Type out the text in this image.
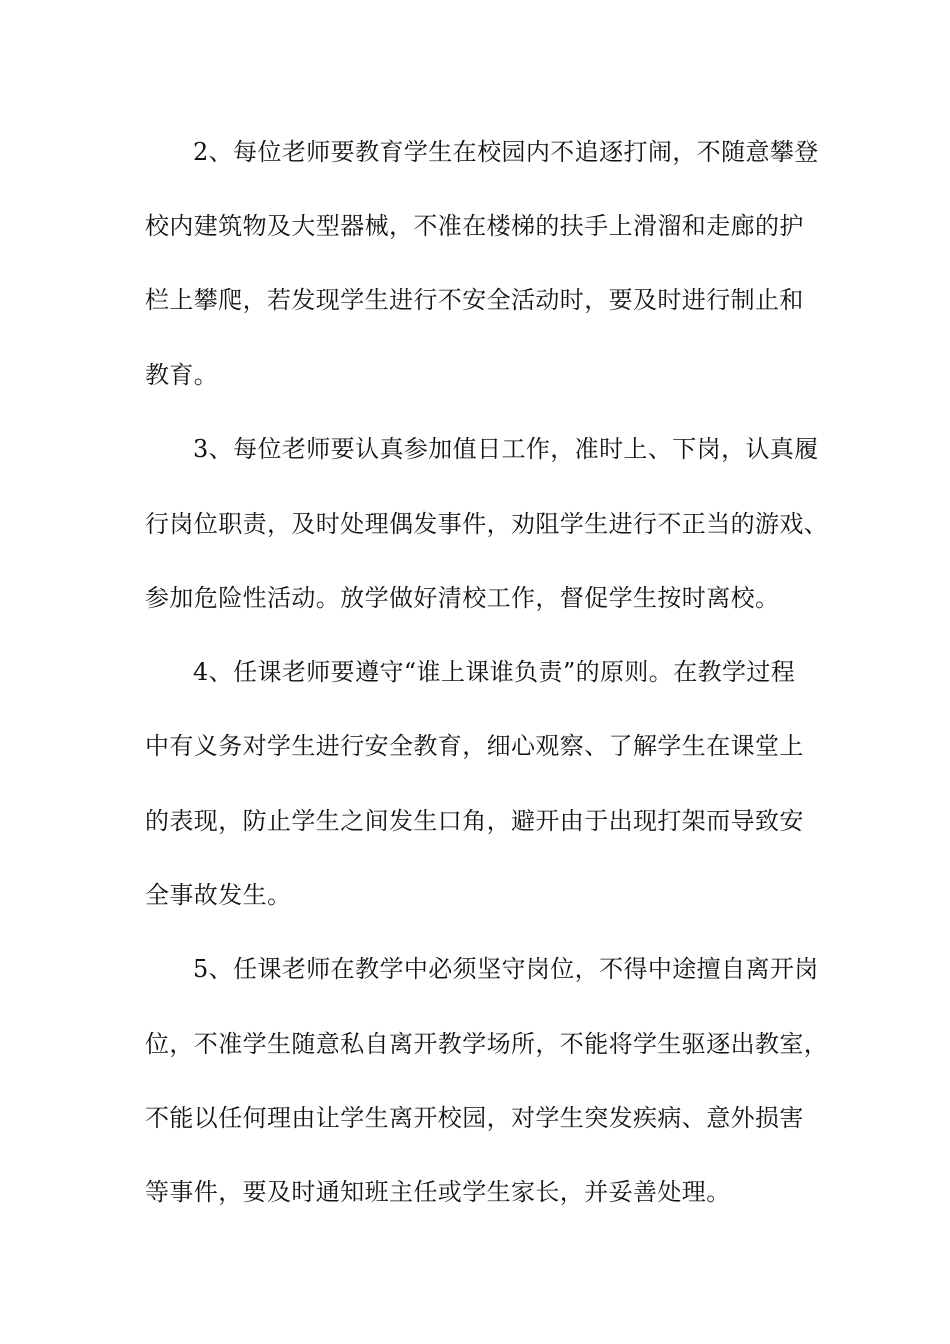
2、每位老师要教育学生在校园内不追逐打闹，不随意攀登
校内建筑物及大型器械，不准在楼梯的扶手上滑溜和走廊的护
栏上攀爬，若发现学生进行不安全活动时，要及时进行制止和
教育。
3、每位老师要认真参加值日工作，准时上、下岗，认真履
行岗位职责，及时处理偶发事件，劝阻学生进行不正当的游戏、
参加危险性活动。放学做好清校工作，督促学生按时离校。
4、任课老师要遵守“谁上课谁负责”的原则。在教学过程
中有义务对学生进行安全教育，细心观察、了解学生在课堂上
的表现，防止学生之间发生口角，避开由于出现打架而导致安
全事故发生。
5、任课老师在教学中必须坚守岗位，不得中途擅自离开岗
位，不准学生随意私自离开教学场所，不能将学生驱逐出教室，
不能以任何理由让学生离开校园，对学生突发疾病、意外损害
等事件，要及时通知班主任或学生家长，并妥善处理。
